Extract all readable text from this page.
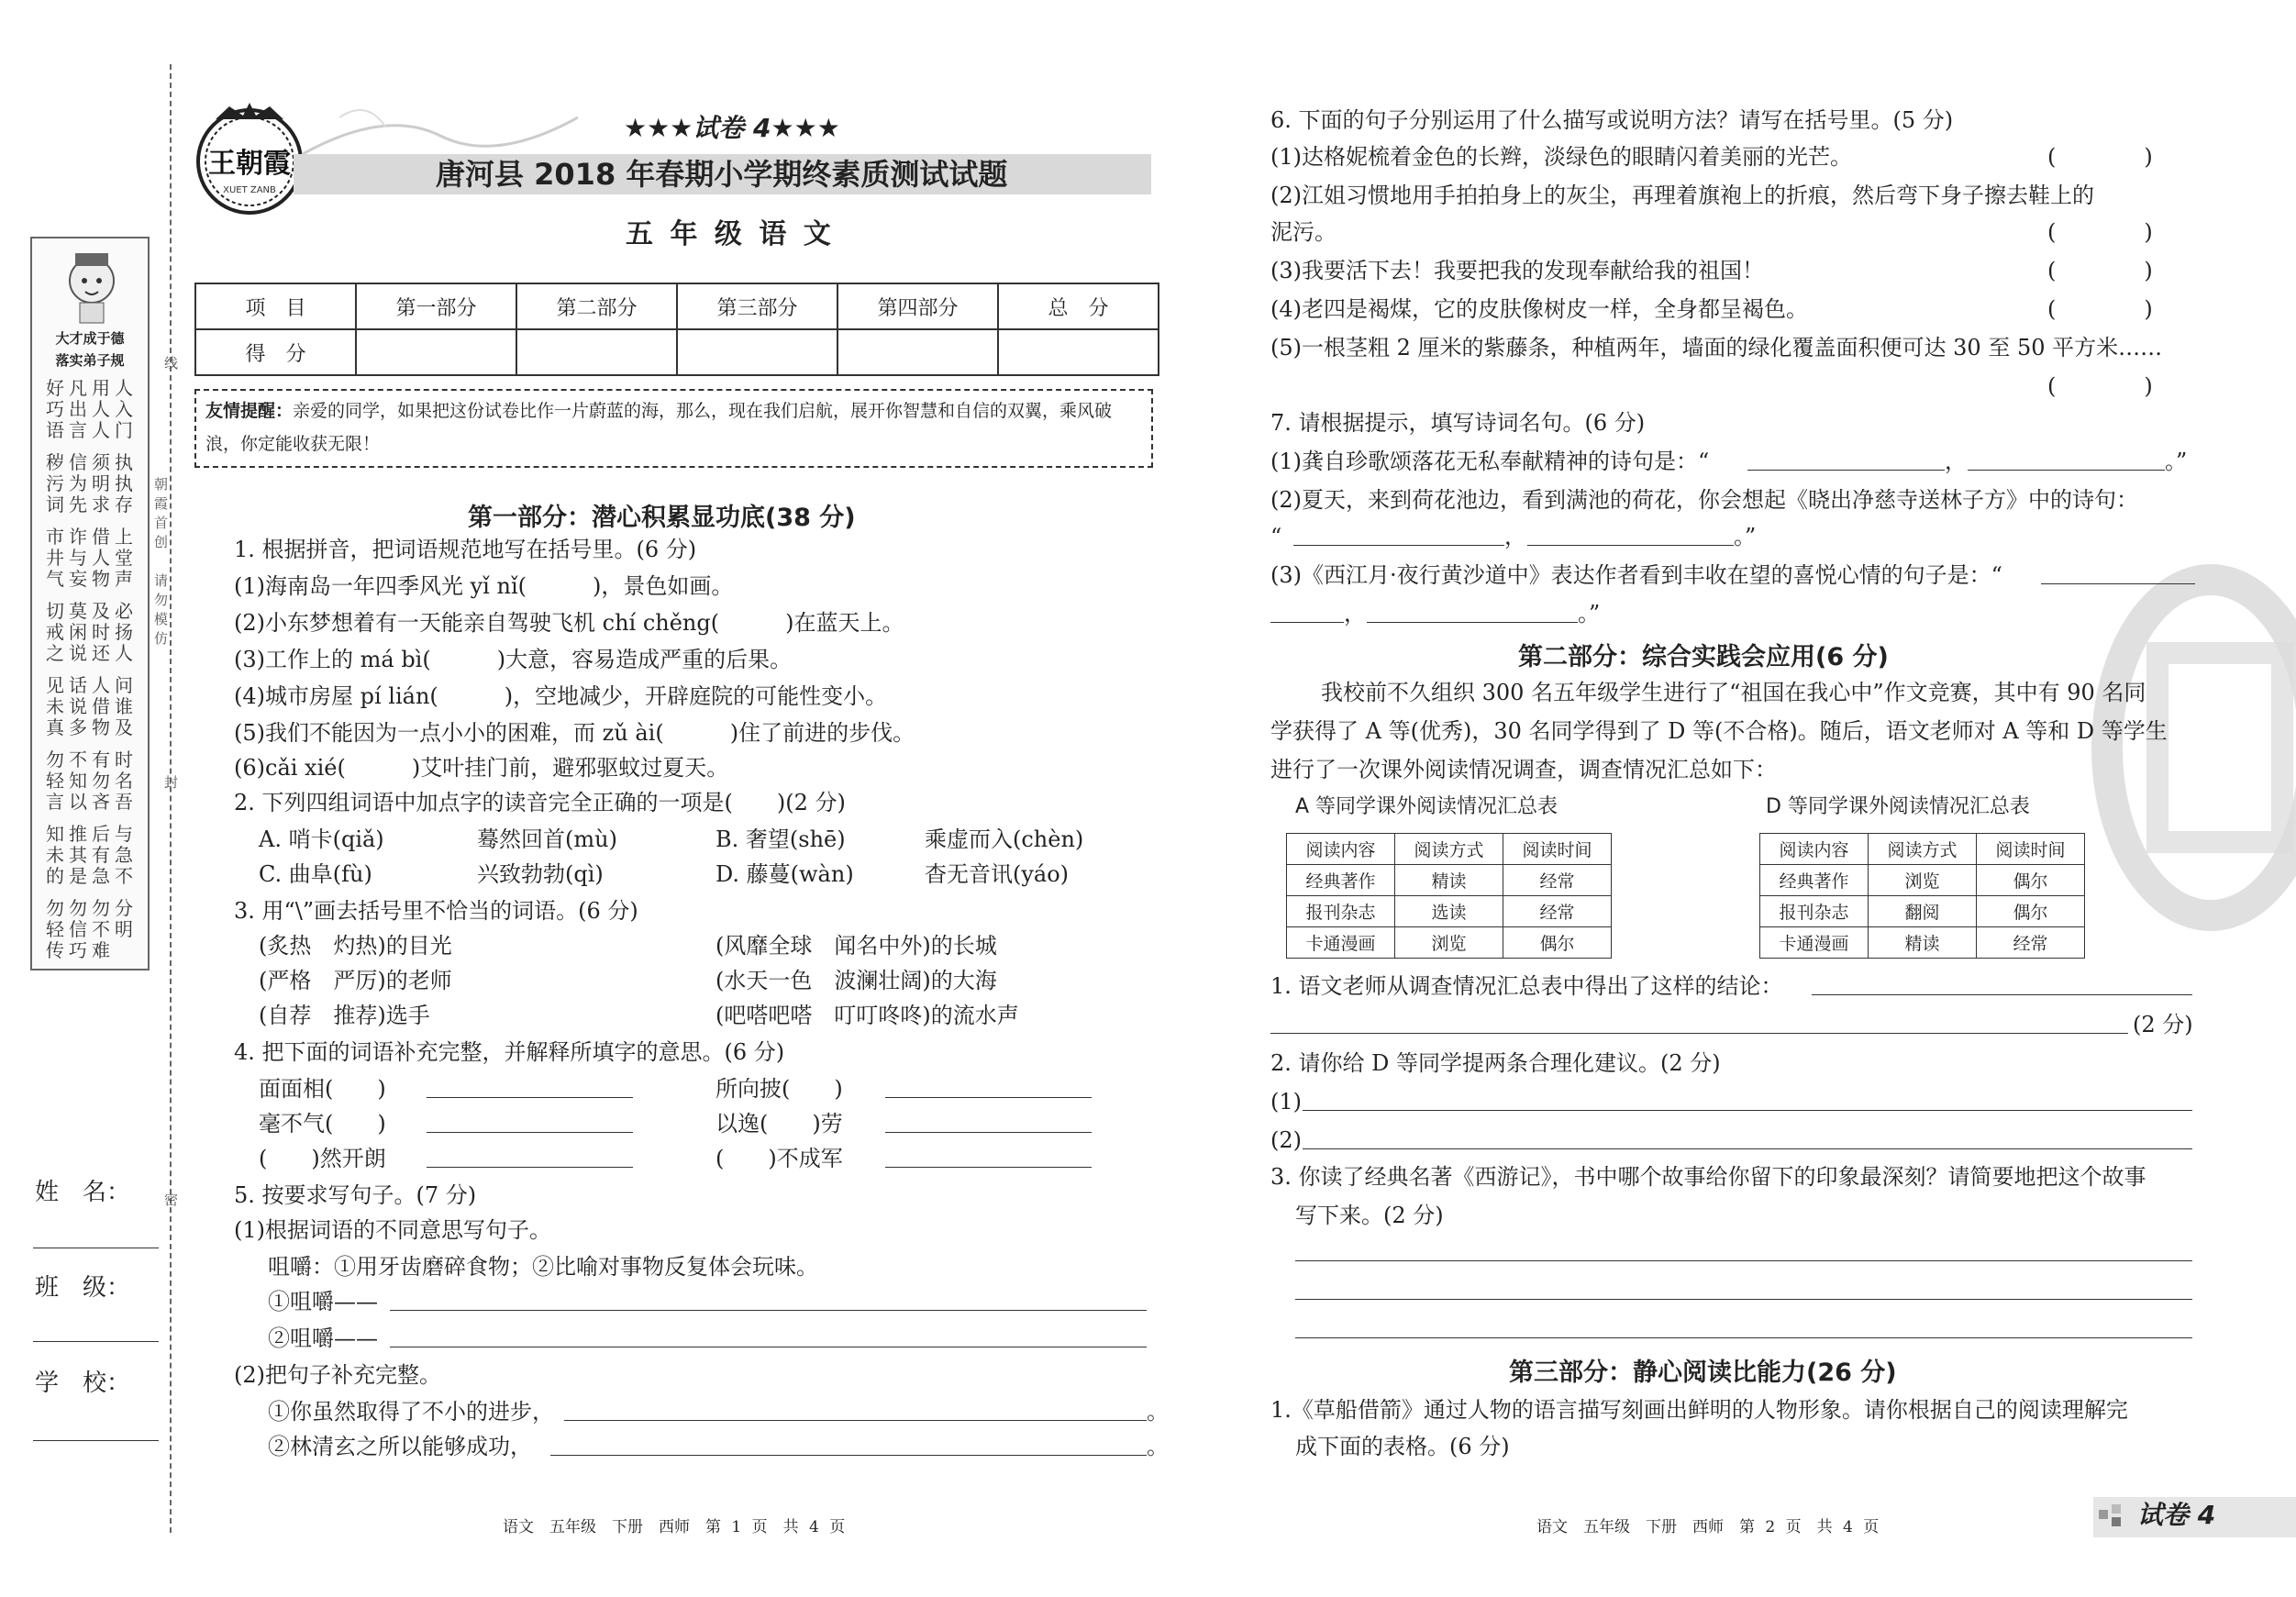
线
封
密
朝霞首创　请勿模仿
大才成于德
落实弟子规
好
巧
语
秽
污
词
市
井
气
切
戒
之
见
未
真
勿
轻
言
知
未
的
勿
轻
传
凡
出
言
信
为
先
诈
与
妄
莫
闲
说
话
说
多
不
知
以
推
其
是
勿
信
巧
用
人
人
须
明
求
借
人
物
及
时
还
人
借
物
有
勿
吝
后
有
急
勿
不
难
人
入
门
执
执
存
上
堂
声
必
扬
人
问
谁
及
时
名
吾
与
急
不
分
明
姓　名：
班　级：
学　校：
王朝霞
XUET ZANB
★★★试卷 4★★★
唐河县 2018 年春期小学期终素质测试试题
五 年 级 语 文
项　目	第一部分	第二部分	第三部分	第四部分	总　分
得　分					
友情提醒：亲爱的同学，如果把这份试卷比作一片蔚蓝的海，那么，现在我们启航，展开你智慧和自信的双翼，乘风破浪，你定能收获无限！
第一部分：潜心积累显功底(38 分)
1. 根据拼音，把词语规范地写在括号里。(6 分)
(1)海南岛一年四季风光 yǐ nǐ(　　　)，景色如画。
(2)小东梦想着有一天能亲自驾驶飞机 chí chěng(　　　)在蓝天上。
(3)工作上的 má bì(　　　)大意，容易造成严重的后果。
(4)城市房屋 pí lián(　　　)，空地减少，开辟庭院的可能性变小。
(5)我们不能因为一点小小的困难，而 zǔ ài(　　　)住了前进的步伐。
(6)cǎi xié(　　　)艾叶挂门前，避邪驱蚊过夏天。
2. 下列四组词语中加点字的读音完全正确的一项是(　　)(2 分)
A. 哨卡(qiǎ)	蓦然回首(mù)	B. 奢望(shē)	乘虚而入(chèn)
C. 曲阜(fù)	兴致勃勃(qì)	D. 藤蔓(wàn)	杳无音讯(yáo)
3. 用“\”画去括号里不恰当的词语。(6 分)
(炙热　灼热)的目光	(风靡全球　闻名中外)的长城
(严格　严厉)的老师	(水天一色　波澜壮阔)的大海
(自荐　推荐)选手	(吧嗒吧嗒　叮叮咚咚)的流水声
4. 把下面的词语补充完整，并解释所填字的意思。(6 分)
面面相(　　)	所向披(　　)
毫不气(　　)	以逸(　　)劳
(　　)然开朗	(　　)不成军
5. 按要求写句子。(7 分)
(1)根据词语的不同意思写句子。
咀嚼：①用牙齿磨碎食物；②比喻对事物反复体会玩味。
①咀嚼——
②咀嚼——
(2)把句子补充完整。
①你虽然取得了不小的进步，	。
②林清玄之所以能够成功，	。
语文　五年级　下册　西师　第 1 页　共 4 页
6. 下面的句子分别运用了什么描写或说明方法？请写在括号里。(5 分)
(1)达格妮梳着金色的长辫，淡绿色的眼睛闪着美丽的光芒。	(　　　　)
(2)江姐习惯地用手拍拍身上的灰尘，再理着旗袍上的折痕，然后弯下身子擦去鞋上的
泥污。	(　　　　)
(3)我要活下去！我要把我的发现奉献给我的祖国！	(　　　　)
(4)老四是褐煤，它的皮肤像树皮一样，全身都呈褐色。	(　　　　)
(5)一根茎粗 2 厘米的紫藤条，种植两年，墙面的绿化覆盖面积便可达 30 至 50 平方米……
(　　　　)
7. 请根据提示，填写诗词名句。(6 分)
(1)龚自珍歌颂落花无私奉献精神的诗句是：“	，	。”
(2)夏天，来到荷花池边，看到满池的荷花，你会想起《晓出净慈寺送林子方》中的诗句：
“	，	。”
(3)《西江月·夜行黄沙道中》表达作者看到丰收在望的喜悦心情的句子是：“
，	。”
第二部分：综合实践会应用(6 分)
我校前不久组织 300 名五年级学生进行了“祖国在我心中”作文竞赛，其中有 90 名同
学获得了 A 等(优秀)，30 名同学得到了 D 等(不合格)。随后，语文老师对 A 等和 D 等学生
进行了一次课外阅读情况调查，调查情况汇总如下：
A 等同学课外阅读情况汇总表
阅读内容	阅读方式	阅读时间
经典著作	精读	经常
报刊杂志	选读	经常
卡通漫画	浏览	偶尔
D 等同学课外阅读情况汇总表
阅读内容	阅读方式	阅读时间
经典著作	浏览	偶尔
报刊杂志	翻阅	偶尔
卡通漫画	精读	经常
1. 语文老师从调查情况汇总表中得出了这样的结论：
(2 分)
2. 请你给 D 等同学提两条合理化建议。(2 分)
(1)
(2)
3. 你读了经典名著《西游记》，书中哪个故事给你留下的印象最深刻？请简要地把这个故事
写下来。(2 分)
第三部分：静心阅读比能力(26 分)
1.《草船借箭》通过人物的语言描写刻画出鲜明的人物形象。请你根据自己的阅读理解完
成下面的表格。(6 分)
语文　五年级　下册　西师　第 2 页　共 4 页	试卷 4
